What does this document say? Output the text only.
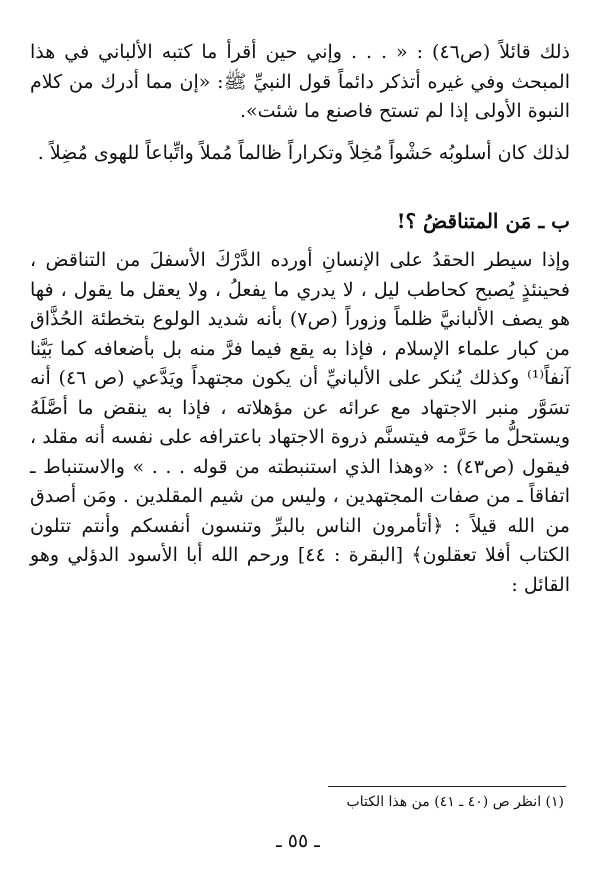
ذلك قائلاً (ص٤٦) : « . . . وإني حين أقرأ ما كتبه الألباني في هذا المبحث وفي غيره أتذكر دائماً قول النبيِّ ﷺ: «إن مما أدرك من كلام النبوة الأولى إذا لم تستح فاصنع ما شئت».

لذلك كان أسلوبُه حَشْواً مُخِلاً وتكراراً ظالماً مُملاً واتِّباعاً للهوى مُضِلاً .

ب ـ مَن المتناقضُ ؟!

وإذا سيطر الحقدُ على الإنسانِ أورده الدَّرْكَ الأسفلَ من التناقض ، فحينئذٍ يُصبح كحاطب ليل ، لا يدري ما يفعلُ ، ولا يعقل ما يقول ، فها هو يصف الألبانيَّ ظلماً وزوراً (ص٧) بأنه شديد الولوع بتخطئة الحُذَّاق من كبار علماء الإسلام ، فإذا به يقع فيما فرَّ منه بل بأضعافه كما بَيَّنا آنفاً⁽¹⁾ وكذلك يُنكر على الألبانيِّ أن يكون مجتهداً ويَدَّعي (ص ٤٦) أنه تسَوَّر منبر الاجتهاد مع عرائه عن مؤهلاته ، فإذا به ينقض ما أصَّلَهُ ويستحلُّ ما حَرَّمه فيتسنَّم ذروة الاجتهاد باعترافه على نفسه أنه مقلد ، فيقول (ص٤٣) : «وهذا الذي استنبطته من قوله . . . » والاستنباط ـ اتفاقاً ـ من صفات المجتهدين ، وليس من شيم المقلدين . ومَن أصدق من الله قيلاً : ﴿أتأمرون الناس بالبرِّ وتنسون أنفسكم وأنتم تتلون الكتاب أفلا تعقلون﴾ [البقرة : ٤٤] ورحم الله أبا الأسود الدؤلي وهو القائل :

(١) انظر ص (٤٠ ـ ٤١) من هذا الكتاب

ـ ٥٥ ـ
